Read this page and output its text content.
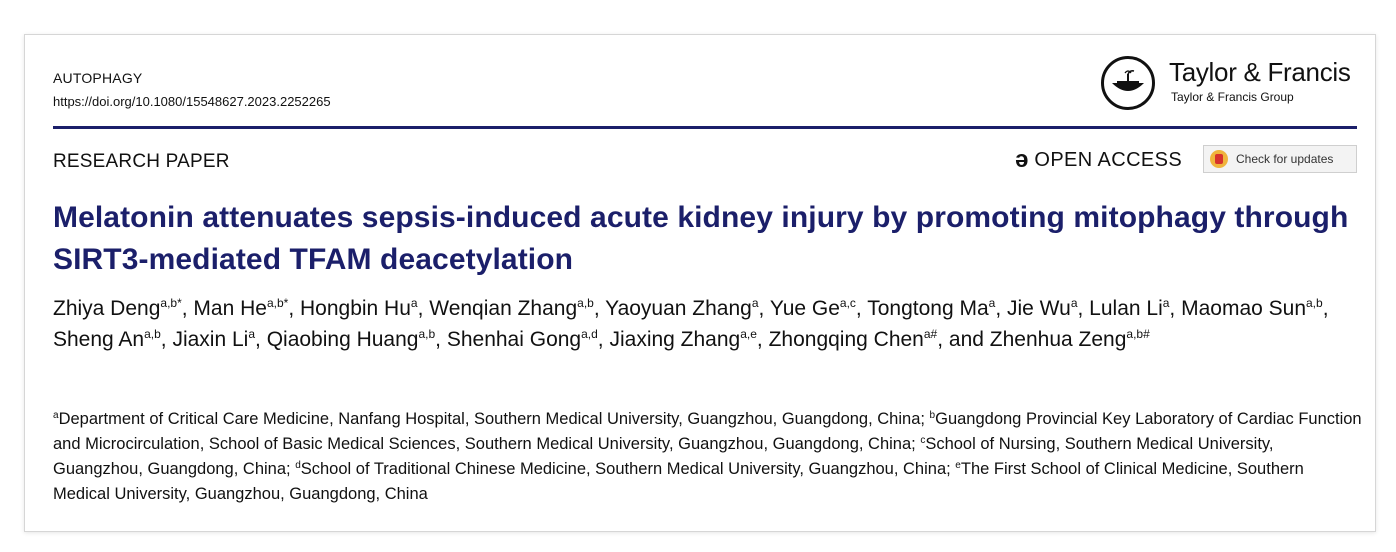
AUTOPHAGY
https://doi.org/10.1080/15548627.2023.2252265
Taylor & Francis
Taylor & Francis Group
RESEARCH PAPER	ə OPEN ACCESS	Check for updates
Melatonin attenuates sepsis-induced acute kidney injury by promoting mitophagy through SIRT3-mediated TFAM deacetylation
Zhiya Deng$^{a,b*}$, Man $He^{a,b*}$, Hongbin Hu$^a$, Wenqian Zhang$^{a,b}$, Yaoyuan Zhang$^a$, Yue Ge$^{a,c}$, Tongtong Ma$^a$, Jie Wu$^a$, Lulan Li$^a$, Maomao Sun$^{a,b}$, Sheng An$^{a,b}$, Jiaxin Li$^a$, Qiaobing Huang$^{a,b}$, Shenhai Gong$^{a,d}$, Jiaxing Zhang$^{a,e}$, Zhongqing Chen$^{a\#}$, and Zhenhua Zeng$^{a,b\#}$
$^a$Department of Critical Care Medicine, Nanfang Hospital, Southern Medical University, Guangzhou, Guangdong, China; $^b$Guangdong Provincial Key Laboratory of Cardiac Function and Microcirculation, School of Basic Medical Sciences, Southern Medical University, Guangzhou, Guangdong, China; $^c$School of Nursing, Southern Medical University, Guangzhou, Guangdong, China; $^d$School of Traditional Chinese Medicine, Southern Medical University, Guangzhou, China; $^e$The First School of Clinical Medicine, Southern Medical University, Guangzhou, Guangdong, China
